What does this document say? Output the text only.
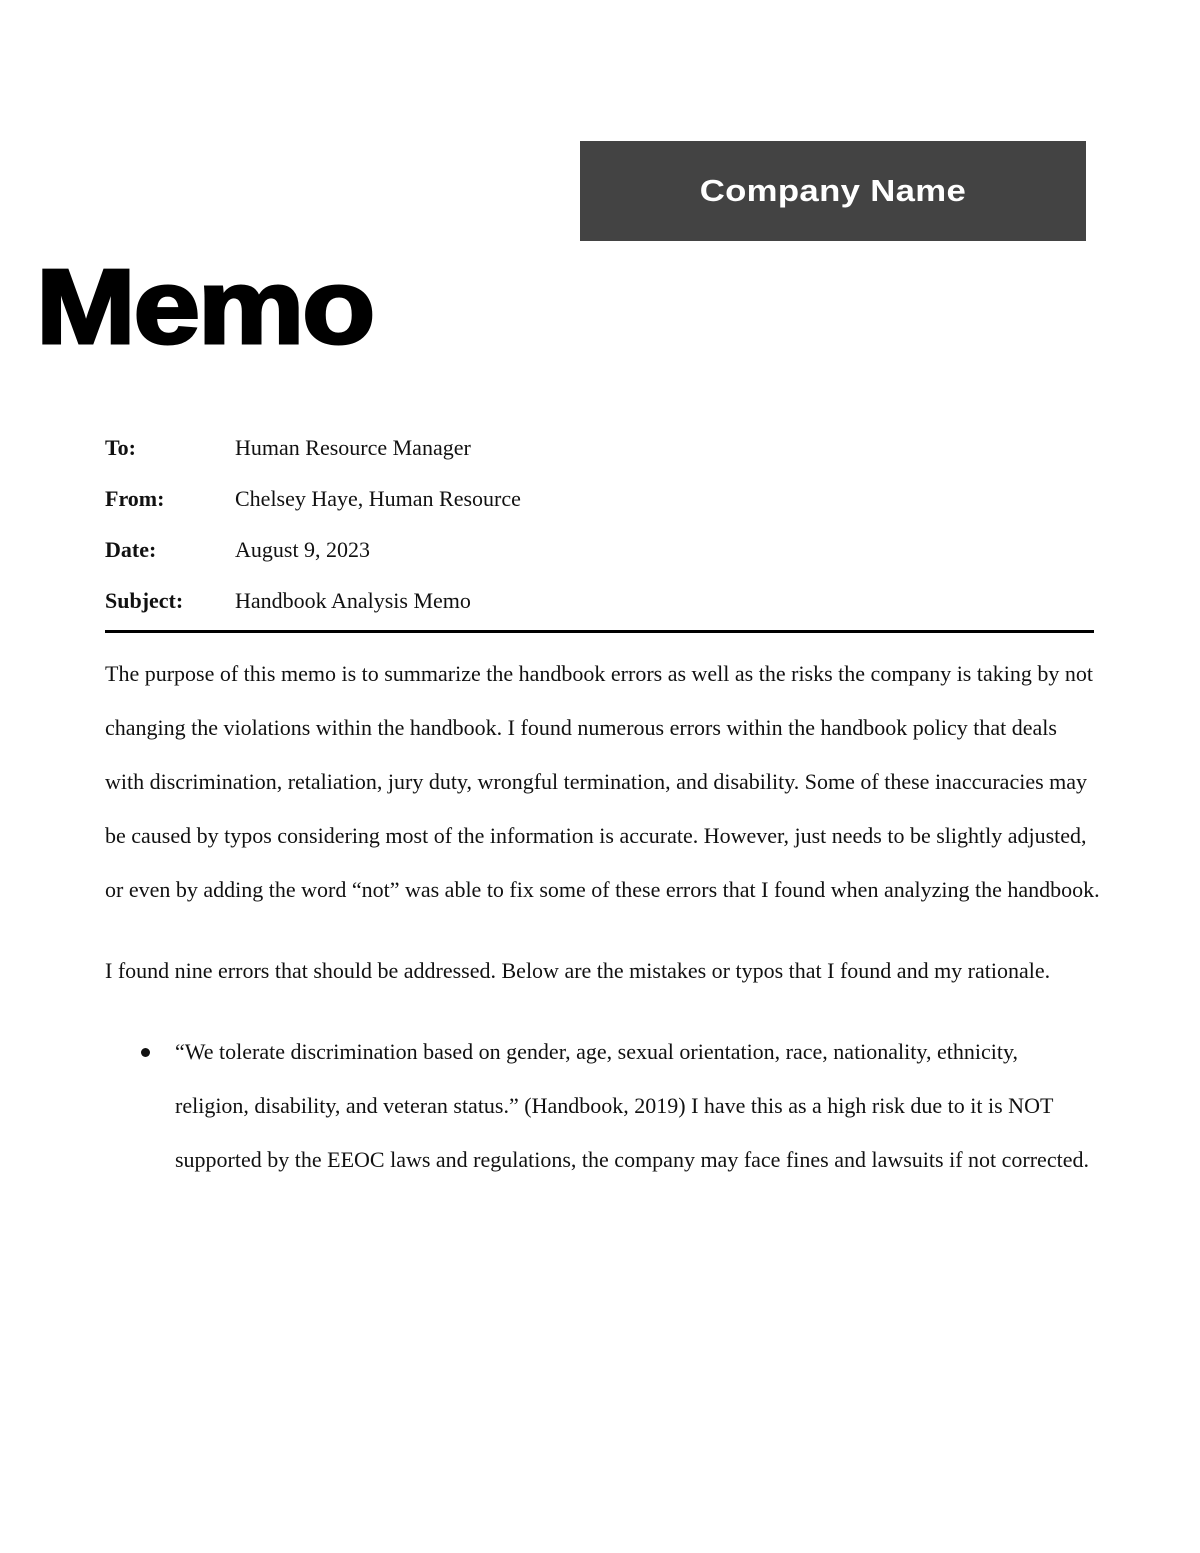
Company Name
Memo
To:	Human Resource Manager
From:	Chelsey Haye, Human Resource
Date:	August 9, 2023
Subject:	Handbook Analysis Memo

The purpose of this memo is to summarize the handbook errors as well as the risks the company is taking by not changing the violations within the handbook. I found numerous errors within the handbook policy that deals with discrimination, retaliation, jury duty, wrongful termination, and disability. Some of these inaccuracies may be caused by typos considering most of the information is accurate. However, just needs to be slightly adjusted, or even by adding the word “not” was able to fix some of these errors that I found when analyzing the handbook.

I found nine errors that should be addressed. Below are the mistakes or typos that I found and my rationale.

“We tolerate discrimination based on gender, age, sexual orientation, race, nationality, ethnicity, religion, disability, and veteran status.” (Handbook, 2019) I have this as a high risk due to it is NOT supported by the EEOC laws and regulations, the company may face fines and lawsuits if not corrected.
